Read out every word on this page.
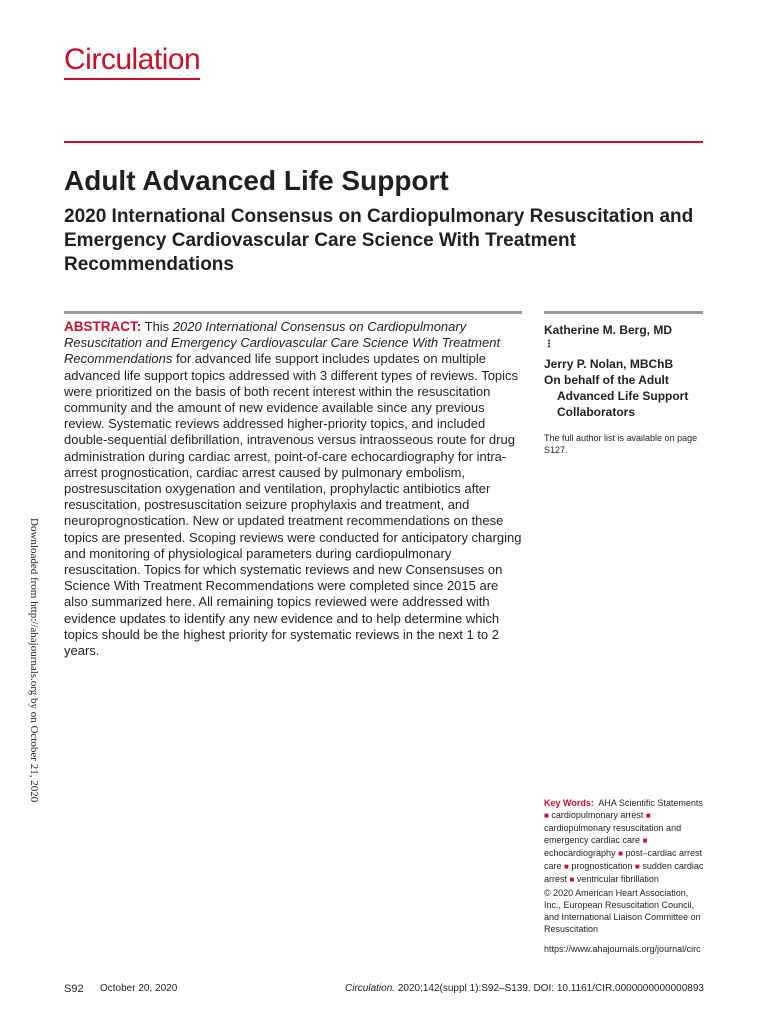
Circulation
Adult Advanced Life Support
2020 International Consensus on Cardiopulmonary Resuscitation and Emergency Cardiovascular Care Science With Treatment Recommendations

ABSTRACT: This 2020 International Consensus on Cardiopulmonary Resuscitation and Emergency Cardiovascular Care Science With Treatment Recommendations for advanced life support includes updates on multiple advanced life support topics addressed with 3 different types of reviews. Topics were prioritized on the basis of both recent interest within the resuscitation community and the amount of new evidence available since any previous review. Systematic reviews addressed higher-priority topics, and included double-sequential defibrillation, intravenous versus intraosseous route for drug administration during cardiac arrest, point-of-care echocardiography for intra-arrest prognostication, cardiac arrest caused by pulmonary embolism, postresuscitation oxygenation and ventilation, prophylactic antibiotics after resuscitation, postresuscitation seizure prophylaxis and treatment, and neuroprognostication. New or updated treatment recommendations on these topics are presented. Scoping reviews were conducted for anticipatory charging and monitoring of physiological parameters during cardiopulmonary resuscitation. Topics for which systematic reviews and new Consensuses on Science With Treatment Recommendations were completed since 2015 are also summarized here. All remaining topics reviewed were addressed with evidence updates to identify any new evidence and to help determine which topics should be the highest priority for systematic reviews in the next 1 to 2 years.

Katherine M. Berg, MD
⋮
Jerry P. Nolan, MBChB
On behalf of the Adult
Advanced Life Support
Collaborators
The full author list is available on page S127.
Downloaded from http://ahajournals.org by on October 21, 2020
Key Words: AHA Scientific Statements ■ cardiopulmonary arrest ■ cardiopulmonary resuscitation and emergency cardiac care ■ echocardiography ■ post–cardiac arrest care ■ prognostication ■ sudden cardiac arrest ■ ventricular fibrillation
© 2020 American Heart Association, Inc., European Resuscitation Council, and International Liaison Committee on Resuscitation
https://www.ahajournals.org/journal/circ
S92 October 20, 2020	Circulation. 2020;142(suppl 1):S92–S139. DOI: 10.1161/CIR.0000000000000893
